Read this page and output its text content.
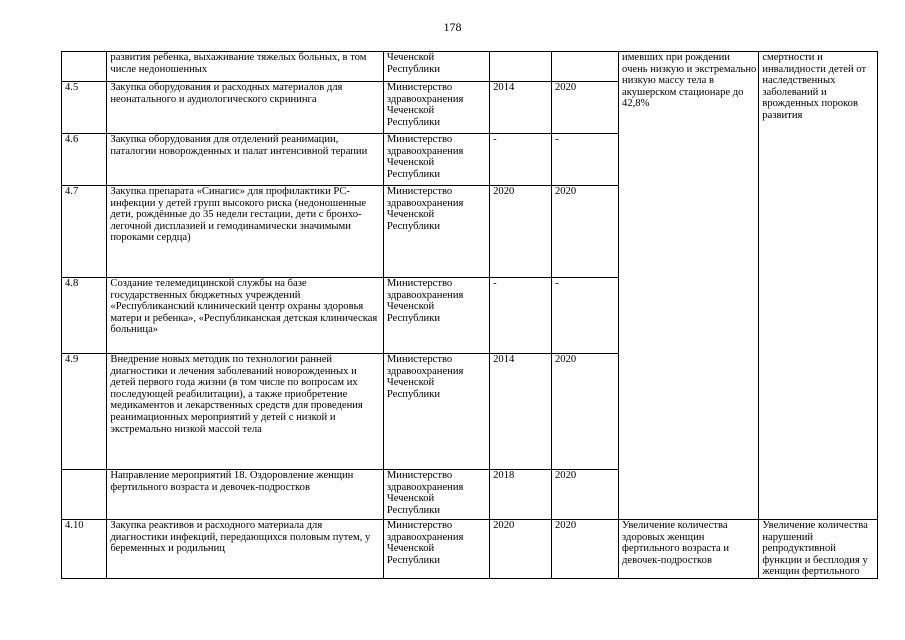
178
	развития ребенка, выхаживание тяжелых больных, в том числе недоношенных	Чеченской Республики			имевших при рождении очень низкую и экстремально низкую массу тела в акушерском стационаре до 42,8%	смертности и инвалидности детей от наследственных заболеваний и врожденных пороков развития
4.5	Закупка оборудования и расходных материалов для неонатального и аудиологического скрининга	Министерство здравоохранения Чеченской Республики	2014	2020		
4.6	Закупка оборудования для отделений реанимации, паталогии новорожденных и палат интенсивной терапии	Министерство здравоохранения Чеченской Республики	-	-		
4.7	Закупка препарата «Синагис» для профилактики РС-инфекции у детей групп высокого риска (недоношенные дети, рождённые до 35 недели гестации, дети с бронхо-легочной дисплазией и гемодинамически значимыми пороками сердца)	Министерство здравоохранения Чеченской Республики	2020	2020		
4.8	Создание телемедицинской службы на базе государственных бюджетных учреждений «Республиканский клинический центр охраны здоровья матери и ребенка», «Республиканская детская клиническая больница»	Министерство здравоохранения Чеченской Республики	-	-		
4.9	Внедрение новых методик по технологии ранней диагностики и лечения заболеваний новорожденных и детей первого года жизни (в том числе по вопросам их последующей реабилитации), а также приобретение медикаментов и лекарственных средств для проведения реанимационных мероприятий у детей с низкой и экстремально низкой массой тела	Министерство здравоохранения Чеченской Республики	2014	2020		
	Направление мероприятий 18. Оздоровление женщин фертильного возраста и девочек-подростков	Министерство здравоохранения Чеченской Республики	2018	2020		
4.10	Закупка реактивов и расходного материала для диагностики инфекций, передающихся половым путем, у беременных и родильниц	Министерство здравоохранения Чеченской Республики	2020	2020	Увеличение количества здоровых женщин фертильного возраста и девочек-подростков	Увеличение количества нарушений репродуктивной функции и бесплодия у женщин фертильного
